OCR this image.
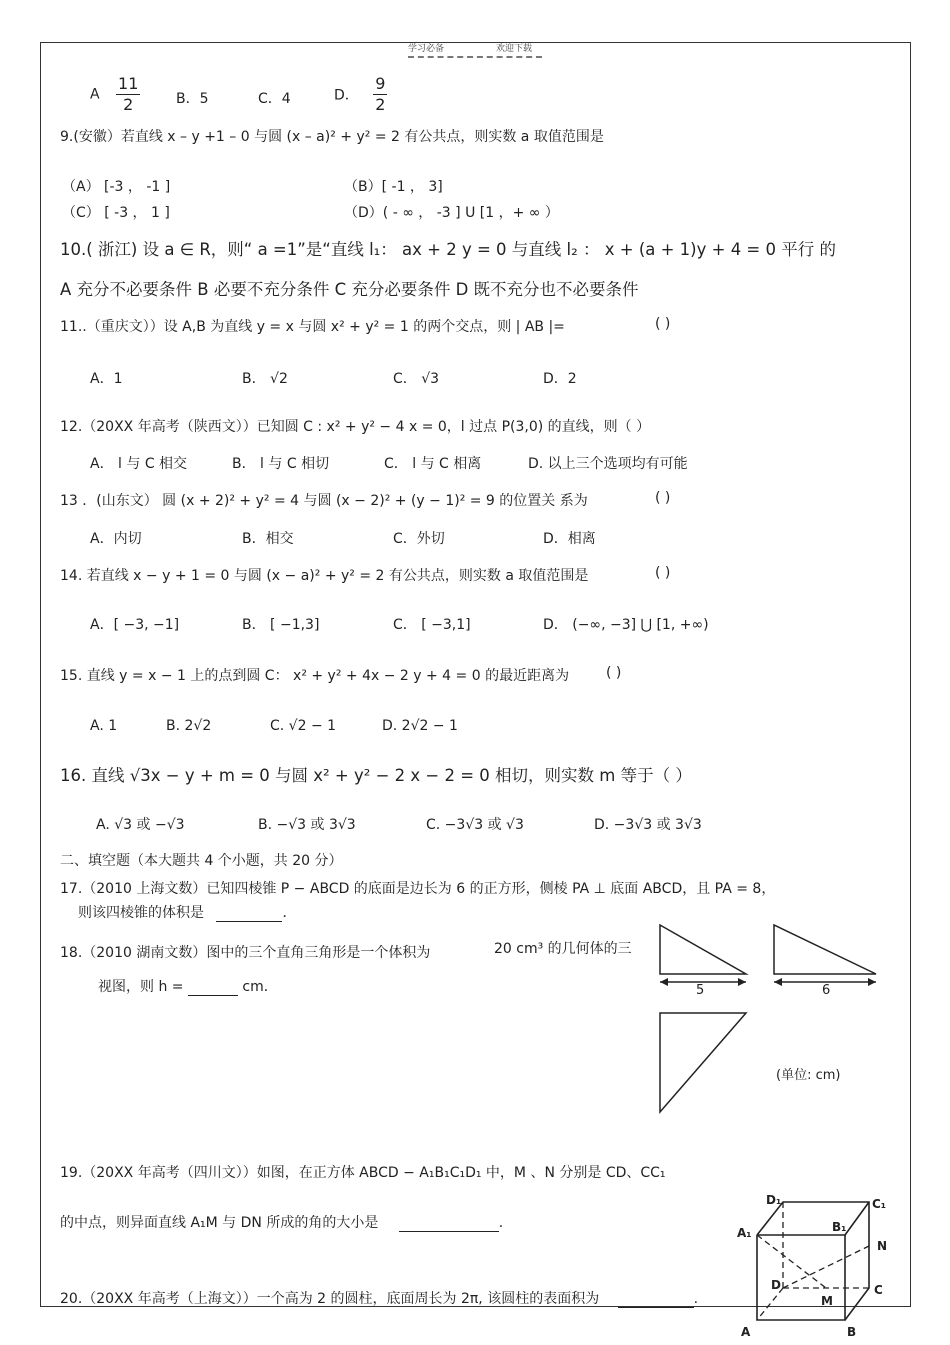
学习必备	欢迎下载
A $\frac{11}{2}$	B．5	C．4	D． $\frac{9}{2}$
9.(安徽）若直线 x – y +1 – 0 与圆 (x – a)² + y² = 2 有公共点，则实数 a 取值范围是
（A） [-3 ， -1 ]	（B）[ -1 ， 3]
（C） [ -3 ， 1 ]	（D）( - ∞ ， -3 ] U [1 ，+ ∞ ）
10.( 浙江) 设 a ∈ R，则“ a =1”是“直线 l₁： ax + 2 y = 0 与直线 l₂ ： x + (a + 1)y + 4 = 0 平行 的
A 充分不必要条件 B 必要不充分条件 C 充分必要条件 D 既不充分也不必要条件
11..（重庆文））设 A,B 为直线 y = x 与圆 x² + y² = 1 的两个交点，则 | AB |=	( )
A．1	B． √2	C． √3	D．2
12.（20XX 年高考（陕西文））已知圆 C : x² + y² − 4 x = 0，l 过点 P(3,0) 的直线，则（ ）
A． l 与 C 相交	B． l 与 C 相切	C． l 与 C 相离	D. 以上三个选项均有可能
13 ．(山东文） 圆 (x + 2)² + y² = 4 与圆 (x − 2)² + (y − 1)² = 9 的位置关 系为	( )
A．内切	B．相交	C．外切	D．相离
14. 若直线 x − y + 1 = 0 与圆 (x − a)² + y² = 2 有公共点，则实数 a 取值范围是	( )
A．[ −3, −1]	B． [ −1,3]	C． [ −3,1]	D． (−∞, −3] ⋃ [1, +∞)
15. 直线 y = x − 1 上的点到圆 C： x² + y² + 4x − 2 y + 4 = 0 的最近距离为	( )
A. 1	B. 2√2	C. √2 − 1	D. 2√2 − 1
16. 直线 √3x − y + m = 0 与圆 x² + y² − 2 x − 2 = 0 相切，则实数 m 等于（ ）
A. √3 或 −√3	B. −√3 或 3√3	C. −3√3 或 √3	D. −3√3 或 3√3
二、填空题（本大题共 4 个小题，共 20 分）
17.（2010 上海文数）已知四棱锥 P − ABCD 的底面是边长为 6 的正方形，侧棱 PA ⊥ 底面 ABCD，且 PA = 8，
则该四棱锥的体积是	．
18.（2010 湖南文数）图中的三个直角三角形是一个体积为	20 cm³ 的几何体的三
视图，则 h =	cm．	5	6
(单位: cm)
19.（20XX 年高考（四川文））如图，在正方体 ABCD − A₁B₁C₁D₁ 中，M 、N 分别是 CD、CC₁
的中点，则异面直线 A₁M 与 DN 所成的角的大小是	.
20.（20XX 年高考（上海文））一个高为 2 的圆柱，底面周长为 2π, 该圆柱的表面积为	.
A	B
C
D
A₁	B₁
C₁
D₁
M
N
